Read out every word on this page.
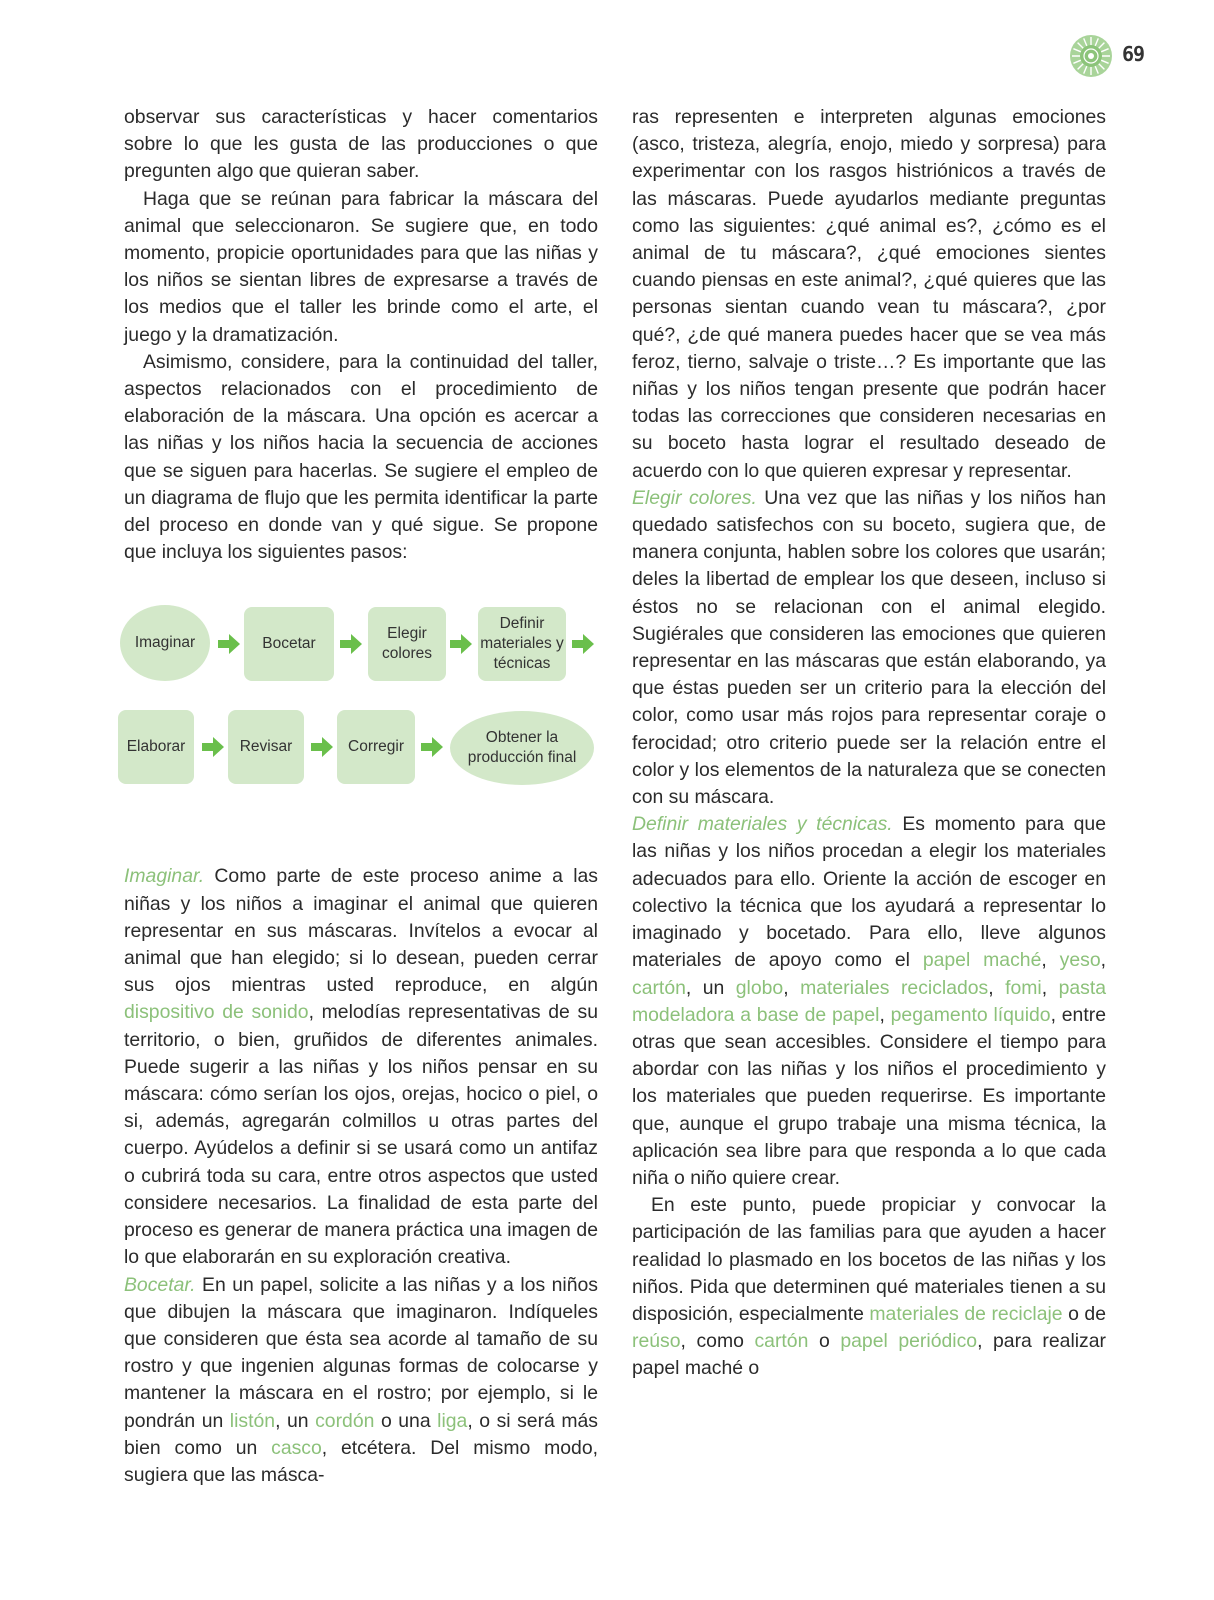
69

observar sus características y hacer comentarios sobre lo que les gusta de las producciones o que pregunten algo que quieran saber.

Haga que se reúnan para fabricar la máscara del animal que seleccionaron. Se sugiere que, en todo momento, propicie oportunidades para que las niñas y los niños se sientan libres de expresarse a través de los medios que el taller les brinde como el arte, el juego y la dramatización.

Asimismo, considere, para la continuidad del taller, aspectos relacionados con el procedimiento de elaboración de la máscara. Una opción es acercar a las niñas y los niños hacia la secuencia de acciones que se siguen para hacerlas. Se sugiere el empleo de un diagrama de flujo que les permita identificar la parte del proceso en donde van y qué sigue. Se propone que incluya los siguientes pasos:

Imaginar	Bocetar
Elegir colores
Definir materiales y técnicas
Elaborar	Revisar	Corregir
Obtener la producción final

Imaginar. Como parte de este proceso anime a las niñas y los niños a imaginar el animal que quieren representar en sus máscaras. Invítelos a evocar al animal que han elegido; si lo desean, pueden cerrar sus ojos mientras usted reproduce, en algún dispositivo de sonido, melodías representativas de su territorio, o bien, gruñidos de diferentes animales. Puede sugerir a las niñas y los niños pensar en su máscara: cómo serían los ojos, orejas, hocico o piel, o si, además, agregarán colmillos u otras partes del cuerpo. Ayúdelos a definir si se usará como un antifaz o cubrirá toda su cara, entre otros aspectos que usted considere necesarios. La finalidad de esta parte del proceso es generar de manera práctica una imagen de lo que elaborarán en su exploración creativa.

Bocetar. En un papel, solicite a las niñas y a los niños que dibujen la máscara que imaginaron. Indíqueles que consideren que ésta sea acorde al tamaño de su rostro y que ingenien algunas formas de colocarse y mantener la máscara en el rostro; por ejemplo, si le pondrán un listón, un cordón o una liga, o si será más bien como un casco, etcétera. Del mismo modo, sugiera que las másca-

ras representen e interpreten algunas emociones (asco, tristeza, alegría, enojo, miedo y sorpresa) para experimentar con los rasgos histriónicos a través de las máscaras. Puede ayudarlos mediante preguntas como las siguientes: ¿qué animal es?, ¿cómo es el animal de tu máscara?, ¿qué emociones sientes cuando piensas en este animal?, ¿qué quieres que las personas sientan cuando vean tu máscara?, ¿por qué?, ¿de qué manera puedes hacer que se vea más feroz, tierno, salvaje o triste…? Es importante que las niñas y los niños tengan presente que podrán hacer todas las correcciones que consideren necesarias en su boceto hasta lograr el resultado deseado de acuerdo con lo que quieren expresar y representar.

Elegir colores. Una vez que las niñas y los niños han quedado satisfechos con su boceto, sugiera que, de manera conjunta, hablen sobre los colores que usarán; deles la libertad de emplear los que deseen, incluso si éstos no se relacionan con el animal elegido. Sugiérales que consideren las emociones que quieren representar en las máscaras que están elaborando, ya que éstas pueden ser un criterio para la elección del color, como usar más rojos para representar coraje o ferocidad; otro criterio puede ser la relación entre el color y los elementos de la naturaleza que se conecten con su máscara.

Definir materiales y técnicas. Es momento para que las niñas y los niños procedan a elegir los materiales adecuados para ello. Oriente la acción de escoger en colectivo la técnica que los ayudará a representar lo imaginado y bocetado. Para ello, lleve algunos materiales de apoyo como el papel maché, yeso, cartón, un globo, materiales reciclados, fomi, pasta modeladora a base de papel, pegamento líquido, entre otras que sean accesibles. Considere el tiempo para abordar con las niñas y los niños el procedimiento y los materiales que pueden requerirse. Es importante que, aunque el grupo trabaje una misma técnica, la aplicación sea libre para que responda a lo que cada niña o niño quiere crear.

En este punto, puede propiciar y convocar la participación de las familias para que ayuden a hacer realidad lo plasmado en los bocetos de las niñas y los niños. Pida que determinen qué materiales tienen a su disposición, especialmente materiales de reciclaje o de reúso, como cartón o papel periódico, para realizar papel maché o
